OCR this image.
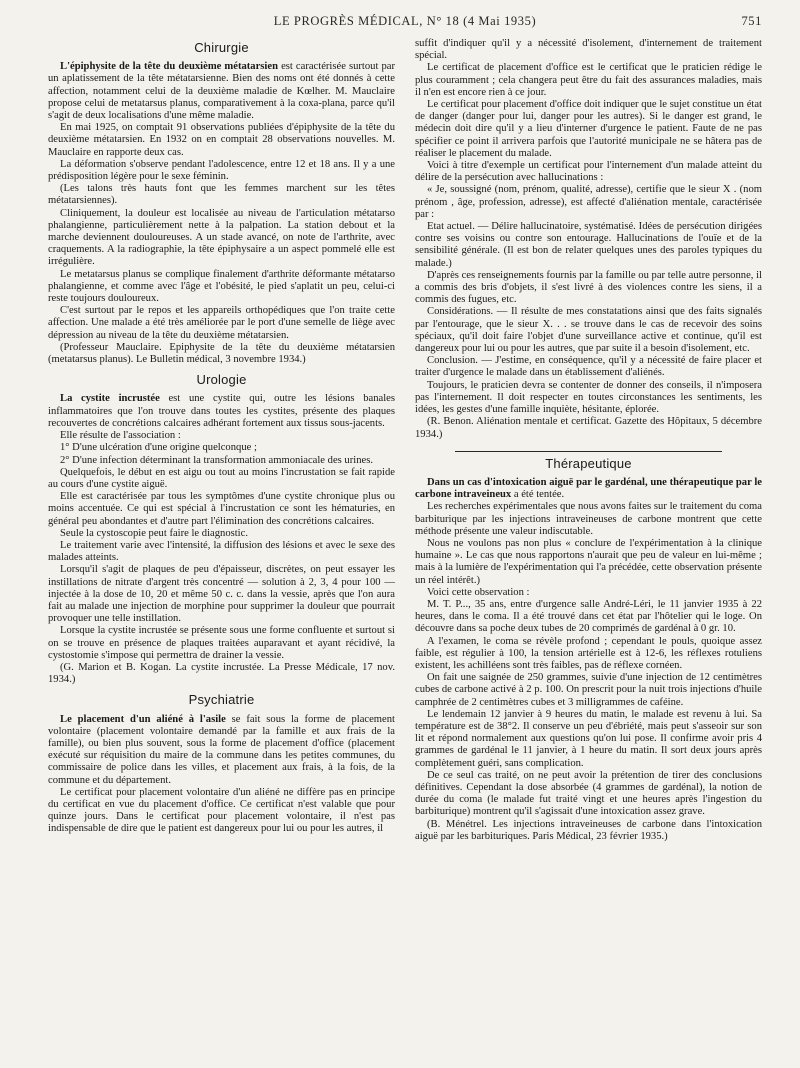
LE PROGRÈS MÉDICAL, N° 18 (4 Mai 1935)	751
Chirurgie

L'épiphysite de la tête du deuxième métatarsien est caractérisée surtout par un aplatissement de la tête métatarsienne. Bien des noms ont été donnés à cette affection, notamment celui de la deuxième maladie de Kœlher. M. Mauclaire propose celui de metatarsus planus, comparativement à la coxa-plana, parce qu'il s'agit de deux localisations d'une même maladie.

En mai 1925, on comptait 91 observations publiées d'épiphysite de la tête du deuxième métatarsien. En 1932 on en comptait 28 observations nouvelles. M. Mauclaire en rapporte deux cas.

La déformation s'observe pendant l'adolescence, entre 12 et 18 ans. Il y a une prédisposition légère pour le sexe féminin.

(Les talons très hauts font que les femmes marchent sur les têtes métatarsiennes).

Cliniquement, la douleur est localisée au niveau de l'articulation métatarso phalangienne, particulièrement nette à la palpation. La station debout et la marche deviennent douloureuses. A un stade avancé, on note de l'arthrite, avec craquements. A la radiographie, la tête épiphysaire a un aspect pommelé elle est irrégulière.

Le metatarsus planus se complique finalement d'arthrite déformante métatarso phalangienne, et comme avec l'âge et l'obésité, le pied s'aplatit un peu, celui-ci reste toujours douloureux.

C'est surtout par le repos et les appareils orthopédiques que l'on traite cette affection. Une malade a été très améliorée par le port d'une semelle de liège avec dépression au niveau de la tête du deuxième métatarsien.

(Professeur Mauclaire. Epiphysite de la tête du deuxième métatarsien (metatarsus planus). Le Bulletin médical, 3 novembre 1934.)

Urologie

La cystite incrustée est une cystite qui, outre les lésions banales inflammatoires que l'on trouve dans toutes les cystites, présente des plaques recouvertes de concrétions calcaires adhérant fortement aux tissus sous-jacents.

Elle résulte de l'association :

1° D'une ulcération d'une origine quelconque ;

2° D'une infection déterminant la transformation ammoniacale des urines.

Quelquefois, le début en est aigu ou tout au moins l'incrustation se fait rapide au cours d'une cystite aiguë.

Elle est caractérisée par tous les symptômes d'une cystite chronique plus ou moins accentuée. Ce qui est spécial à l'incrustation ce sont les hématuries, en général peu abondantes et d'autre part l'élimination des concrétions calcaires.

Seule la cystoscopie peut faire le diagnostic.

Le traitement varie avec l'intensité, la diffusion des lésions et avec le sexe des malades atteints.

Lorsqu'il s'agit de plaques de peu d'épaisseur, discrètes, on peut essayer les instillations de nitrate d'argent très concentré — solution à 2, 3, 4 pour 100 — injectée à la dose de 10, 20 et même 50 c. c. dans la vessie, après que l'on aura fait au malade une injection de morphine pour supprimer la douleur que pourrait provoquer une telle instillation.

Lorsque la cystite incrustée se présente sous une forme confluente et surtout si on se trouve en présence de plaques traitées auparavant et ayant récidivé, la cystostomie s'impose qui permettra de drainer la vessie.

(G. Marion et B. Kogan. La cystite incrustée. La Presse Médicale, 17 nov. 1934.)

Psychiatrie

Le placement d'un aliéné à l'asile se fait sous la forme de placement volontaire (placement volontaire demandé par la famille et aux frais de la famille), ou bien plus souvent, sous la forme de placement d'office (placement exécuté sur réquisition du maire de la commune dans les petites communes, du commissaire de police dans les villes, et placement aux frais, à la fois, de la commune et du département.

Le certificat pour placement volontaire d'un aliéné ne diffère pas en principe du certificat en vue du placement d'office. Ce certificat n'est valable que pour quinze jours. Dans le certificat pour placement volontaire, il n'est pas indispensable de dire que le patient est dangereux pour lui ou pour les autres, il

suffit d'indiquer qu'il y a nécessité d'isolement, d'internement de traitement spécial.

Le certificat de placement d'office est le certificat que le praticien rédige le plus couramment ; cela changera peut être du fait des assurances maladies, mais il n'en est encore rien à ce jour.

Le certificat pour placement d'office doit indiquer que le sujet constitue un état de danger (danger pour lui, danger pour les autres). Si le danger est grand, le médecin doit dire qu'il y a lieu d'interner d'urgence le patient. Faute de ne pas spécifier ce point il arrivera parfois que l'autorité municipale ne se hâtera pas de réaliser le placement du malade.

Voici à titre d'exemple un certificat pour l'internement d'un malade atteint du délire de la persécution avec hallucinations :

« Je, soussigné (nom, prénom, qualité, adresse), certifie que le sieur X . (nom prénom , âge, profession, adresse), est affecté d'aliénation mentale, caractérisée par :

Etat actuel. — Délire hallucinatoire, systématisé. Idées de persécution dirigées contre ses voisins ou contre son entourage. Hallucinations de l'ouïe et de la sensibilité générale. (Il est bon de relater quelques unes des paroles typiques du malade.)

D'après ces renseignements fournis par la famille ou par telle autre personne, il a commis des bris d'objets, il s'est livré à des violences contre les siens, il a commis des fugues, etc.

Considérations. — Il résulte de mes constatations ainsi que des faits signalés par l'entourage, que le sieur X. . . se trouve dans le cas de recevoir des soins spéciaux, qu'il doit faire l'objet d'une surveillance active et continue, qu'il est dangereux pour lui ou pour les autres, que par suite il a besoin d'isolement, etc.

Conclusion. — J'estime, en conséquence, qu'il y a nécessité de faire placer et traiter d'urgence le malade dans un établissement d'aliénés.

Toujours, le praticien devra se contenter de donner des conseils, il n'imposera pas l'internement. Il doit respecter en toutes circonstances les sentiments, les idées, les gestes d'une famille inquiète, hésitante, éplorée.

(R. Benon. Aliénation mentale et certificat. Gazette des Hôpitaux, 5 décembre 1934.)

Thérapeutique

Dans un cas d'intoxication aiguë par le gardénal, une thérapeutique par le carbone intraveineux a été tentée.

Les recherches expérimentales que nous avons faites sur le traitement du coma barbiturique par les injections intraveineuses de carbone montrent que cette méthode présente une valeur indiscutable.

Nous ne voulons pas non plus « conclure de l'expérimentation à la clinique humaine ». Le cas que nous rapportons n'aurait que peu de valeur en lui-même ; mais à la lumière de l'expérimentation qui l'a précédée, cette observation présente un réel intérêt.)

Voici cette observation :

M. T. P..., 35 ans, entre d'urgence salle André-Léri, le 11 janvier 1935 à 22 heures, dans le coma. Il a été trouvé dans cet état par l'hôtelier qui le loge. On découvre dans sa poche deux tubes de 20 comprimés de gardénal à 0 gr. 10.

A l'examen, le coma se révèle profond ; cependant le pouls, quoique assez faible, est régulier à 100, la tension artérielle est à 12-6, les réflexes rotuliens existent, les achilléens sont très faibles, pas de réflexe cornéen.

On fait une saignée de 250 grammes, suivie d'une injection de 12 centimètres cubes de carbone activé à 2 p. 100. On prescrit pour la nuit trois injections d'huile camphrée de 2 centimètres cubes et 3 milligrammes de caféine.

Le lendemain 12 janvier à 9 heures du matin, le malade est revenu à lui. Sa température est de 38°2. Il conserve un peu d'ébriété, mais peut s'asseoir sur son lit et répond normalement aux questions qu'on lui pose. Il confirme avoir pris 4 grammes de gardénal le 11 janvier, à 1 heure du matin. Il sort deux jours après complètement guéri, sans complication.

De ce seul cas traité, on ne peut avoir la prétention de tirer des conclusions définitives. Cependant la dose absorbée (4 grammes de gardénal), la notion de durée du coma (le malade fut traité vingt et une heures après l'ingestion du barbiturique) montrent qu'il s'agissait d'une intoxication assez grave.

(B. Ménétrel. Les injections intraveineuses de carbone dans l'intoxication aiguë par les barbituriques. Paris Médical, 23 février 1935.)
